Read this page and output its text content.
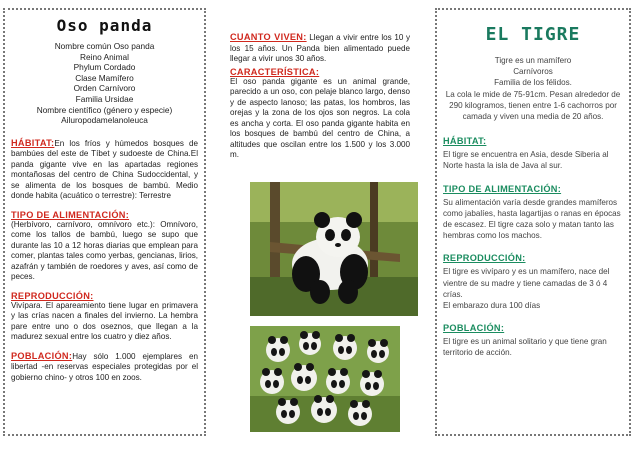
Oso panda
Nombre común Oso panda
Reino Animal
Phylum Cordado
Clase Mamífero
Orden Carnívoro
Familia Ursidae
Nombre científico (género y especie)
Ailuropodamelanoleuca

HÁBITAT:En los fríos y húmedos bosques de bambúes del este de Tíbet y sudoeste de China.El panda gigante vive en las apartadas regiones montañosas del centro de China Sudoccidental, y se alimenta de los bosques de bambú. Medio donde habita (acuático o terrestre): Terrestre

TIPO DE ALIMENTACIÓN:

(Herbívoro, carnívoro, omnívoro etc.): Omnívoro, come los tallos de bambú, luego se supo que durante las 10 a 12 horas diarias que emplean para comer, plantas tales como yerbas, gencianas, lirios, azafrán y también de roedores y aves, así como de peces.

REPRODUCCIÓN:

Vivípara. El apareamiento tiene lugar en primavera y las crías nacen a finales del invierno. La hembra pare entre uno o dos oseznos, que llegan a la madurez sexual entre los cuatro y diez años.

POBLACIÓN:Hay sólo 1.000 ejemplares en libertad -en reservas especiales protegidas por el gobierno chino- y otros 100 en zoos.

CUANTO VIVEN: Llegan a vivir entre los 10 y los 15 años. Un Panda bien alimentado puede llegar a vivir unos 30 años.

CARACTERÍSTICA:

El oso panda gigante es un animal grande, parecido a un oso, con pelaje blanco largo, denso y de aspecto lanoso; las patas, los hombros, las orejas y la zona de los ojos son negros. La cola es ancha y corta. El oso panda gigante habita en los bosques de bambú del centro de China, a altitudes que oscilan entre los 1.500 y los 3.000 m.

EL TIGRE

Tigre es un mamífero

Carnívoros

Familia de los félidos.

La cola le mide de 75-91cm. Pesan alrededor de 290 kilogramos, tienen entre 1-6 cachorros por camada y viven una media de 20 años.

HÁBITAT:

El tigre se encuentra en Asia, desde Siberia al Norte hasta la isla de Java al sur.

TIPO DE ALIMENTACIÓN:

Su alimentación varía desde grandes mamíferos como jabalíes, hasta lagartijas o ranas en épocas de escasez. El tigre caza solo y matan tanto las hembras como los machos.

REPRODUCCIÓN:

El tigre es vivíparo y es un mamífero, nace del vientre de su madre y tiene camadas de 3 ó 4 crías.

El embarazo dura 100 días

POBLACIÓN:

El tigre es un animal solitario y que tiene gran territorio de acción.
